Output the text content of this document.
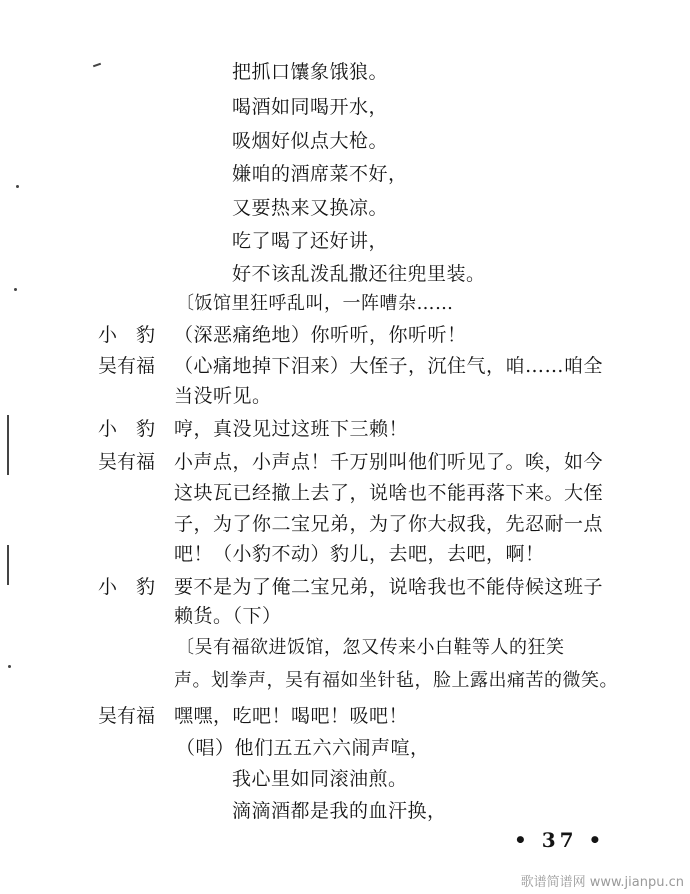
把抓口馕象饿狼。
喝酒如同喝开水，
吸烟好似点大枪。
嫌咱的酒席菜不好，
又要热来又换凉。
吃了喝了还好讲，
好不该乱泼乱撒还往兜里装。
〔饭馆里狂呼乱叫，一阵嘈杂……
小　豹 （深恶痛绝地）你听听，你听听！
吴有福 （心痛地掉下泪来）大侄子，沉住气，咱……咱全
当没听见。
小　豹 哼，真没见过这班下三赖！
吴有福 小声点，小声点！千万别叫他们听见了。唉，如今
这块瓦已经撤上去了，说啥也不能再落下来。大侄
子，为了你二宝兄弟，为了你大叔我，先忍耐一点
吧！（小豹不动）豹儿，去吧，去吧，啊！
小　豹 要不是为了俺二宝兄弟，说啥我也不能侍候这班子
赖货。（下）
〔吴有福欲进饭馆，忽又传来小白鞋等人的狂笑
声。划拳声，吴有福如坐针毡，脸上露出痛苦的微笑。
吴有福 嘿嘿，吃吧！喝吧！吸吧！
（唱）他们五五六六闹声喧，
我心里如同滚油煎。
滴滴酒都是我的血汗换，
• 37 •
歌谱简谱网 www.jianpu.cn
